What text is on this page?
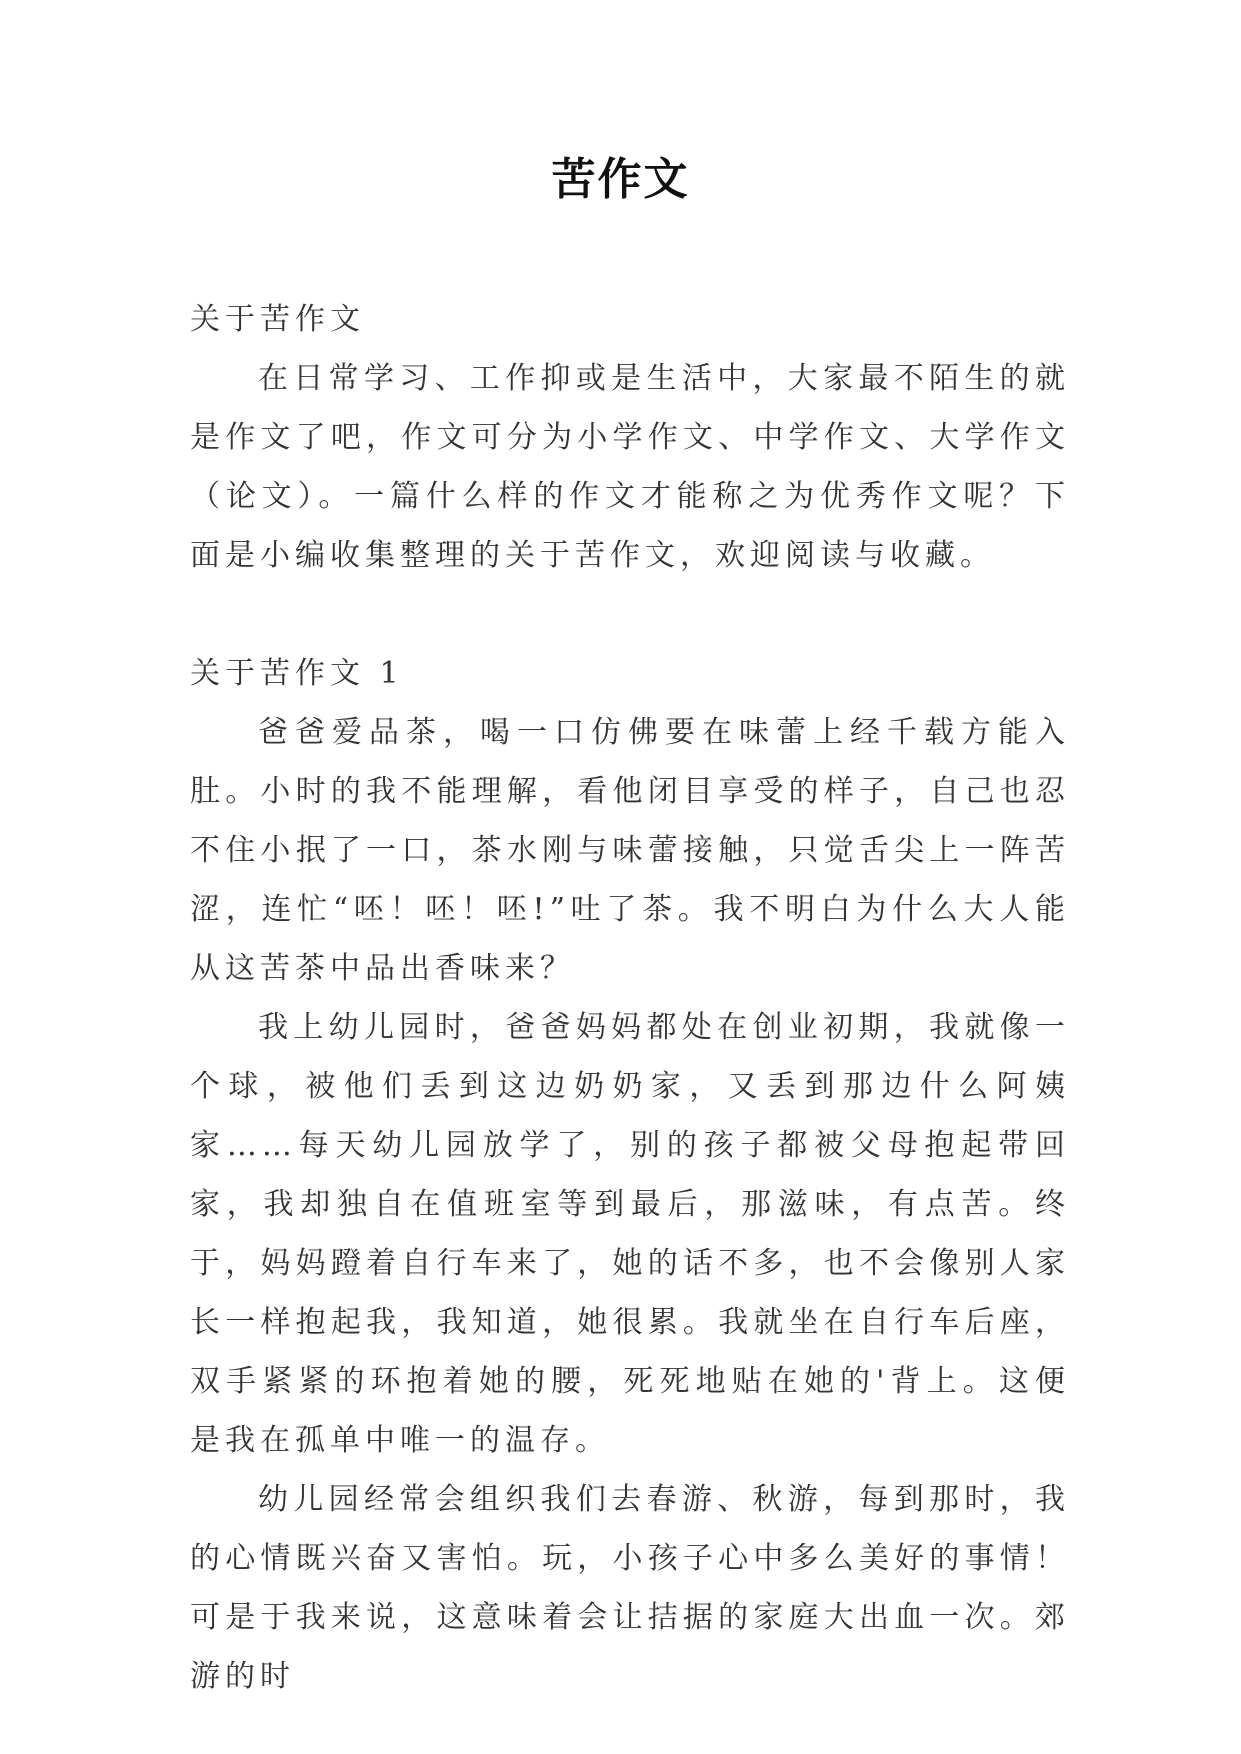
苦作文

关于苦作文

在日常学习、工作抑或是生活中，大家最不陌生的就是作文了吧，作文可分为小学作文、中学作文、大学作文（论文）。一篇什么样的作文才能称之为优秀作文呢？下面是小编收集整理的关于苦作文，欢迎阅读与收藏。

关于苦作文 1

爸爸爱品茶，喝一口仿佛要在味蕾上经千载方能入肚。小时的我不能理解，看他闭目享受的样子，自己也忍不住小抿了一口，茶水刚与味蕾接触，只觉舌尖上一阵苦涩，连忙“呸！呸！呸!”吐了茶。我不明白为什么大人能从这苦茶中品出香味来？

我上幼儿园时，爸爸妈妈都处在创业初期，我就像一个球，被他们丢到这边奶奶家，又丢到那边什么阿姨家……每天幼儿园放学了，别的孩子都被父母抱起带回家，我却独自在值班室等到最后，那滋味，有点苦。终于，妈妈蹬着自行车来了，她的话不多，也不会像别人家长一样抱起我，我知道，她很累。我就坐在自行车后座，双手紧紧的环抱着她的腰，死死地贴在她的'背上。这便是我在孤单中唯一的温存。

幼儿园经常会组织我们去春游、秋游，每到那时，我的心情既兴奋又害怕。玩，小孩子心中多么美好的事情！可是于我来说，这意味着会让拮据的家庭大出血一次。郊游的时
